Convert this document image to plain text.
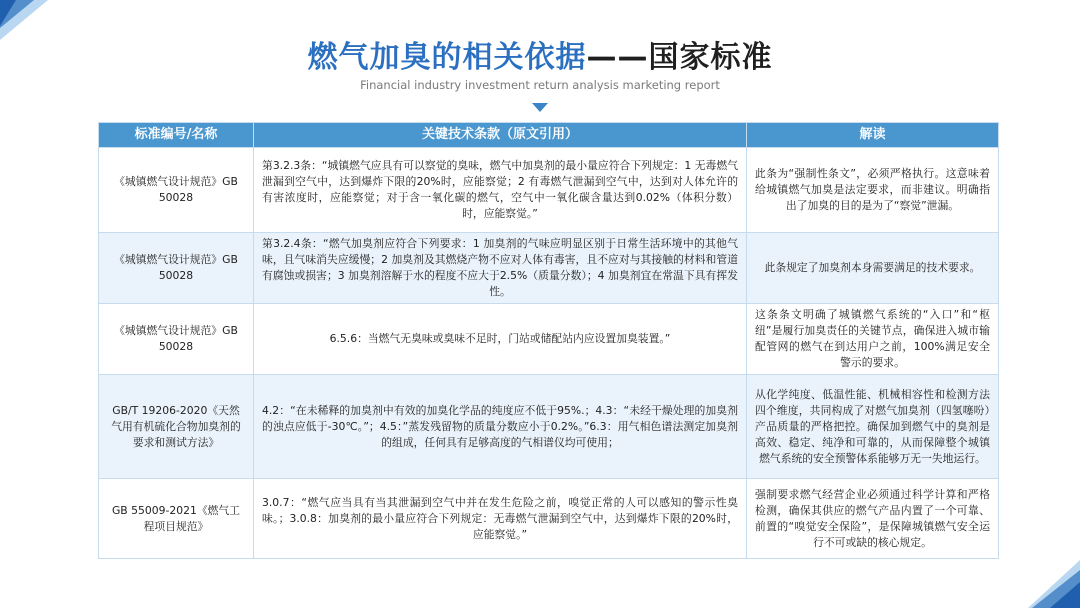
燃气加臭的相关依据——国家标准
Financial industry investment return analysis marketing report
标准编号/名称	关键技术条款（原文引用）	解读
《城镇燃气设计规范》GB 50028	第3.2.3条：“城镇燃气应具有可以察觉的臭味，燃气中加臭剂的最小量应符合下列规定：1 无毒燃气泄漏到空气中，达到爆炸下限的20%时，应能察觉；2 有毒燃气泄漏到空气中，达到对人体允许的有害浓度时，应能察觉；对于含一氧化碳的燃气，空气中一氧化碳含量达到0.02%（体积分数）时，应能察觉。”	此条为“强制性条文”，必须严格执行。这意味着给城镇燃气加臭是法定要求，而非建议。明确指出了加臭的目的是为了“察觉”泄漏。
《城镇燃气设计规范》GB 50028	第3.2.4条：“燃气加臭剂应符合下列要求：1 加臭剂的气味应明显区别于日常生活环境中的其他气味，且气味消失应缓慢；2 加臭剂及其燃烧产物不应对人体有毒害，且不应对与其接触的材料和管道有腐蚀或损害；3 加臭剂溶解于水的程度不应大于2.5%（质量分数）；4 加臭剂宜在常温下具有挥发性。	此条规定了加臭剂本身需要满足的技术要求。
《城镇燃气设计规范》GB 50028	6.5.6：当燃气无臭味或臭味不足时，门站或储配站内应设置加臭装置。”	这条条文明确了城镇燃气系统的“入口”和“枢纽”是履行加臭责任的关键节点，确保进入城市输配管网的燃气在到达用户之前，100%满足安全警示的要求。
GB/T 19206-2020《天然气用有机硫化合物加臭剂的要求和测试方法》	4.2：“在未稀释的加臭剂中有效的加臭化学品的纯度应不低于95%.；4.3：“未经干燥处理的加臭剂的浊点应低于-30℃。”；4.5：”蒸发残留物的质量分数应小于0.2%。”6.3：用气相色谱法测定加臭剂的组成，任何具有足够高度的气相谱仪均可使用；	从化学纯度、低温性能、机械相容性和检测方法四个维度，共同构成了对燃气加臭剂（四氢噻吩）产品质量的严格把控。确保加到燃气中的臭剂是高效、稳定、纯净和可靠的，从而保障整个城镇燃气系统的安全预警体系能够万无一失地运行。
GB 55009-2021《燃气工程项目规范》	3.0.7：“燃气应当具有当其泄漏到空气中并在发生危险之前，嗅觉正常的人可以感知的警示性臭味。；3.0.8：加臭剂的最小量应符合下列规定：无毒燃气泄漏到空气中，达到爆炸下限的20%时，应能察觉。”	强制要求燃气经营企业必须通过科学计算和严格检测，确保其供应的燃气产品内置了一个可靠、前置的“嗅觉安全保险”，是保障城镇燃气安全运行不可或缺的核心规定。
